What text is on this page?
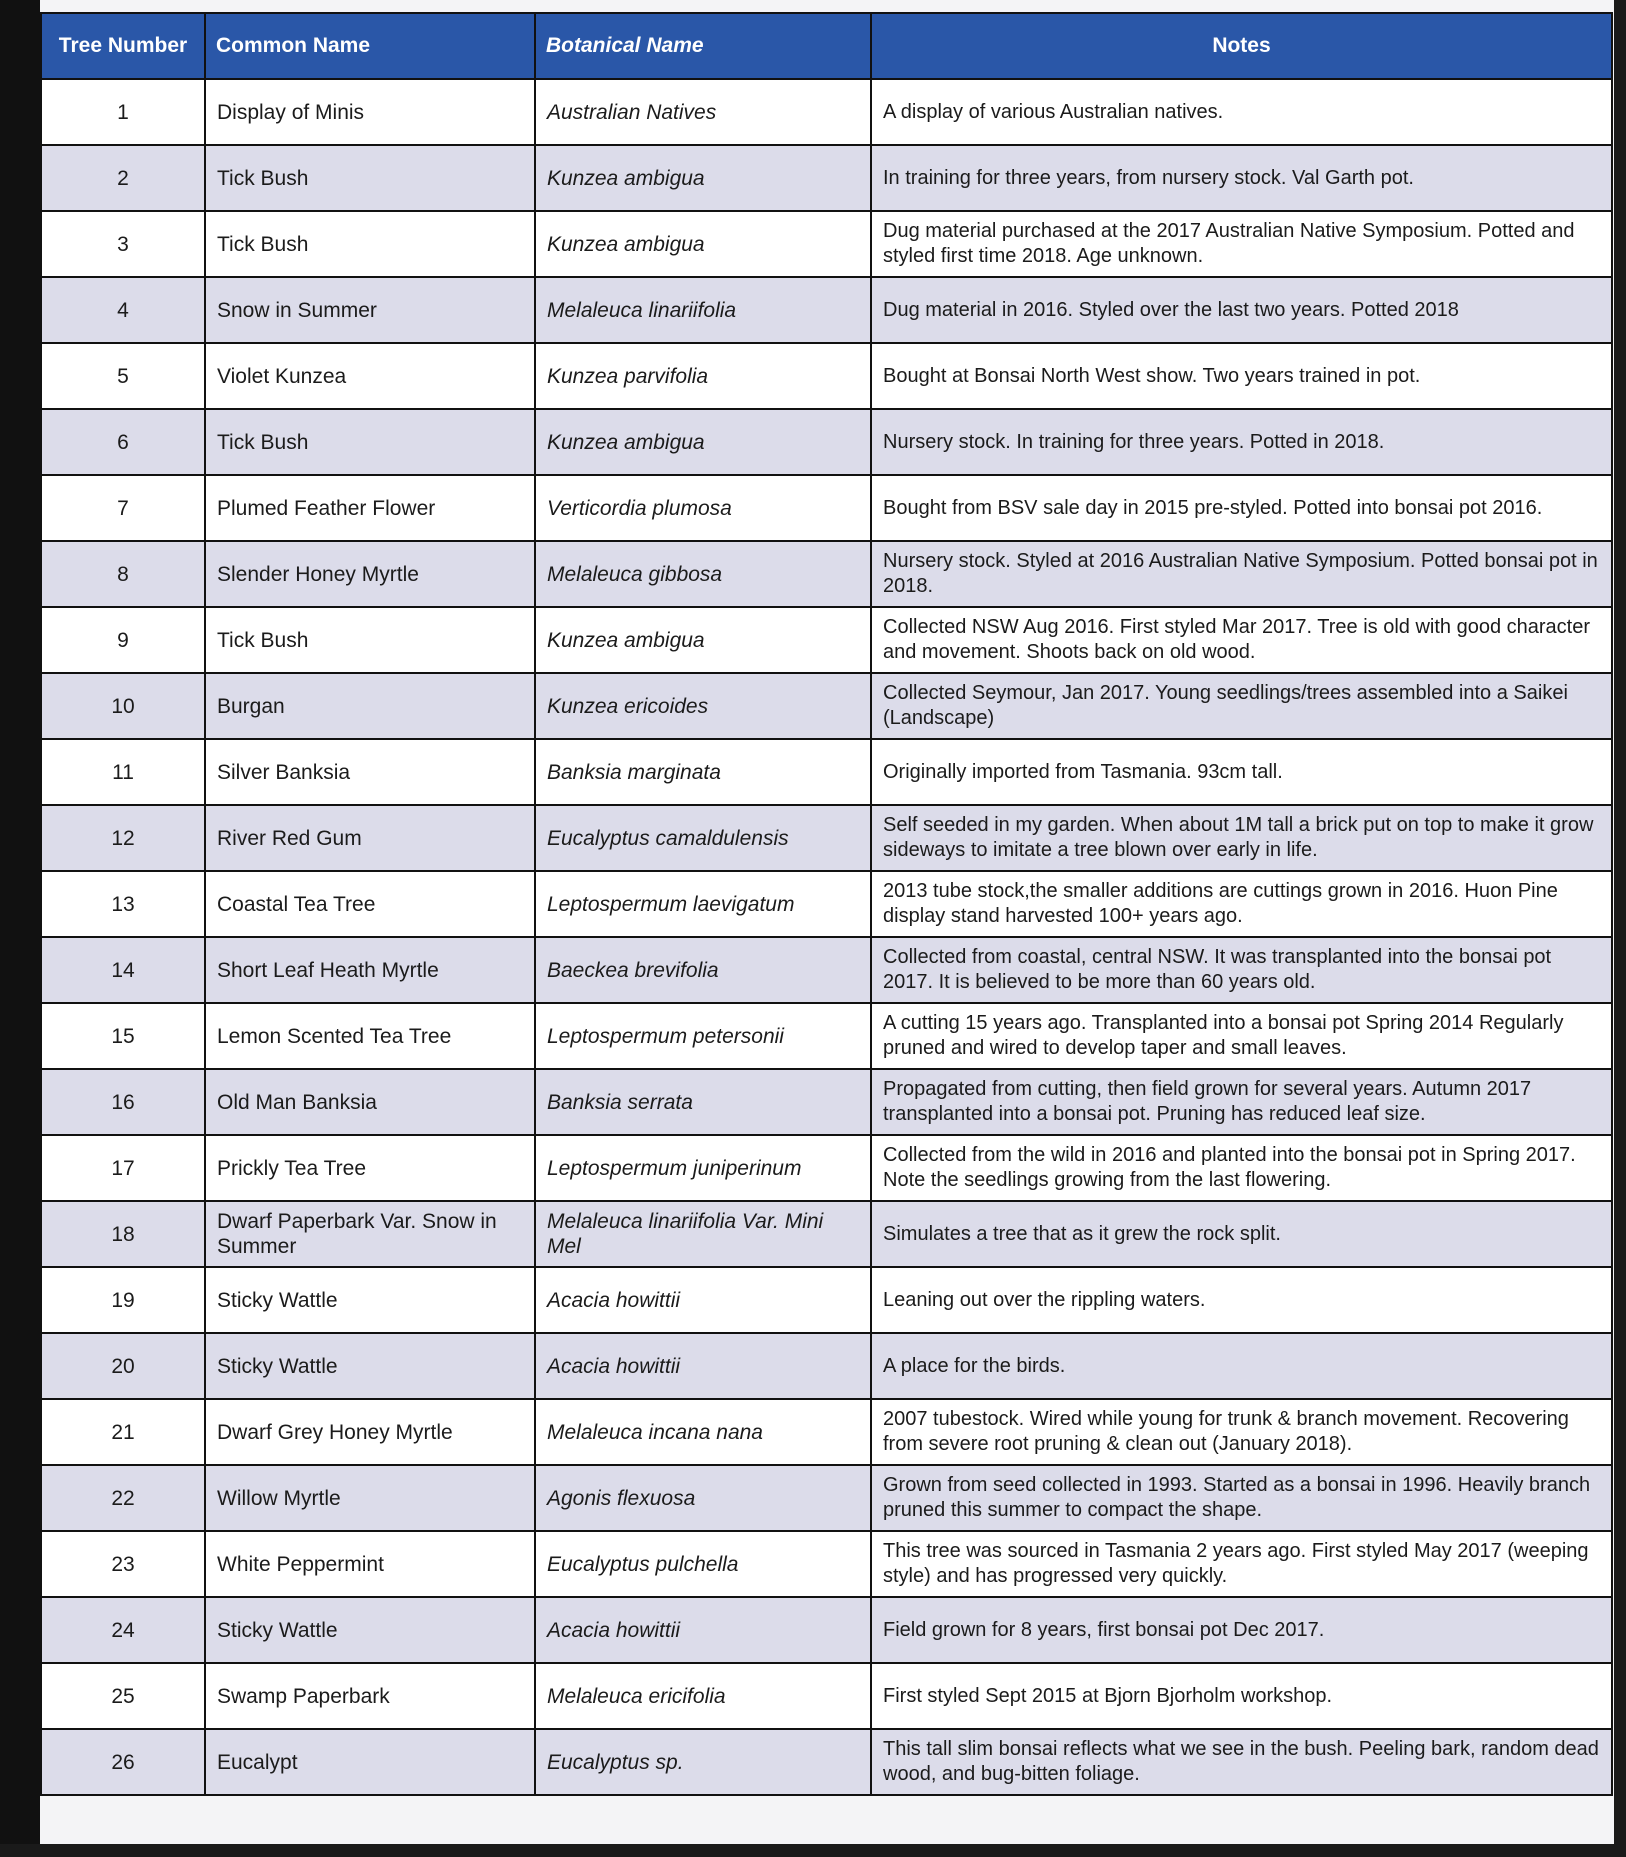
Tree Number	Common Name	Botanical Name	Notes
1	Display of Minis	Australian Natives	A display of various Australian natives.
2	Tick Bush	Kunzea ambigua	In training for three years, from nursery stock. Val Garth pot.
3	Tick Bush	Kunzea ambigua	Dug material purchased at the 2017 Australian Native Symposium. Potted and styled first time 2018. Age unknown.
4	Snow in Summer	Melaleuca linariifolia	Dug material in 2016. Styled over the last two years. Potted 2018
5	Violet Kunzea	Kunzea parvifolia	Bought at Bonsai North West show. Two years trained in pot.
6	Tick Bush	Kunzea ambigua	Nursery stock. In training for three years. Potted in 2018.
7	Plumed Feather Flower	Verticordia plumosa	Bought from BSV sale day in 2015 pre-styled. Potted into bonsai pot 2016.
8	Slender Honey Myrtle	Melaleuca gibbosa	Nursery stock. Styled at 2016 Australian Native Symposium. Potted bonsai pot in 2018.
9	Tick Bush	Kunzea ambigua	Collected NSW Aug 2016. First styled Mar 2017. Tree is old with good character and movement. Shoots back on old wood.
10	Burgan	Kunzea ericoides	Collected Seymour, Jan 2017. Young seedlings/trees assembled into a Saikei (Landscape)
11	Silver Banksia	Banksia marginata	Originally imported from Tasmania. 93cm tall.
12	River Red Gum	Eucalyptus camaldulensis	Self seeded in my garden. When about 1M tall a brick put on top to make it grow sideways to imitate a tree blown over early in life.
13	Coastal Tea Tree	Leptospermum laevigatum	2013 tube stock,the smaller additions are cuttings grown in 2016. Huon Pine display stand harvested 100+ years ago.
14	Short Leaf Heath Myrtle	Baeckea brevifolia	Collected from coastal, central NSW. It was transplanted into the bonsai pot 2017. It is believed to be more than 60 years old.
15	Lemon Scented Tea Tree	Leptospermum petersonii	A cutting 15 years ago. Transplanted into a bonsai pot Spring 2014 Regularly pruned and wired to develop taper and small leaves.
16	Old Man Banksia	Banksia serrata	Propagated from cutting, then field grown for several years. Autumn 2017 transplanted into a bonsai pot. Pruning has reduced leaf size.
17	Prickly Tea Tree	Leptospermum juniperinum	Collected from the wild in 2016 and planted into the bonsai pot in Spring 2017. Note the seedlings growing from the last flowering.
18	Dwarf Paperbark Var. Snow in Summer	Melaleuca linariifolia Var. Mini Mel	Simulates a tree that as it grew the rock split.
19	Sticky Wattle	Acacia howittii	Leaning out over the rippling waters.
20	Sticky Wattle	Acacia howittii	A place for the birds.
21	Dwarf Grey Honey Myrtle	Melaleuca incana nana	2007 tubestock. Wired while young for trunk & branch movement. Recovering from severe root pruning & clean out (January 2018).
22	Willow Myrtle	Agonis flexuosa	Grown from seed collected in 1993. Started as a bonsai in 1996. Heavily branch pruned this summer to compact the shape.
23	White Peppermint	Eucalyptus pulchella	This tree was sourced in Tasmania 2 years ago. First styled May 2017 (weeping style) and has progressed very quickly.
24	Sticky Wattle	Acacia howittii	Field grown for 8 years, first bonsai pot Dec 2017.
25	Swamp Paperbark	Melaleuca ericifolia	First styled Sept 2015 at Bjorn Bjorholm workshop.
26	Eucalypt	Eucalyptus sp.	This tall slim bonsai reflects what we see in the bush. Peeling bark, random dead wood, and bug-bitten foliage.
